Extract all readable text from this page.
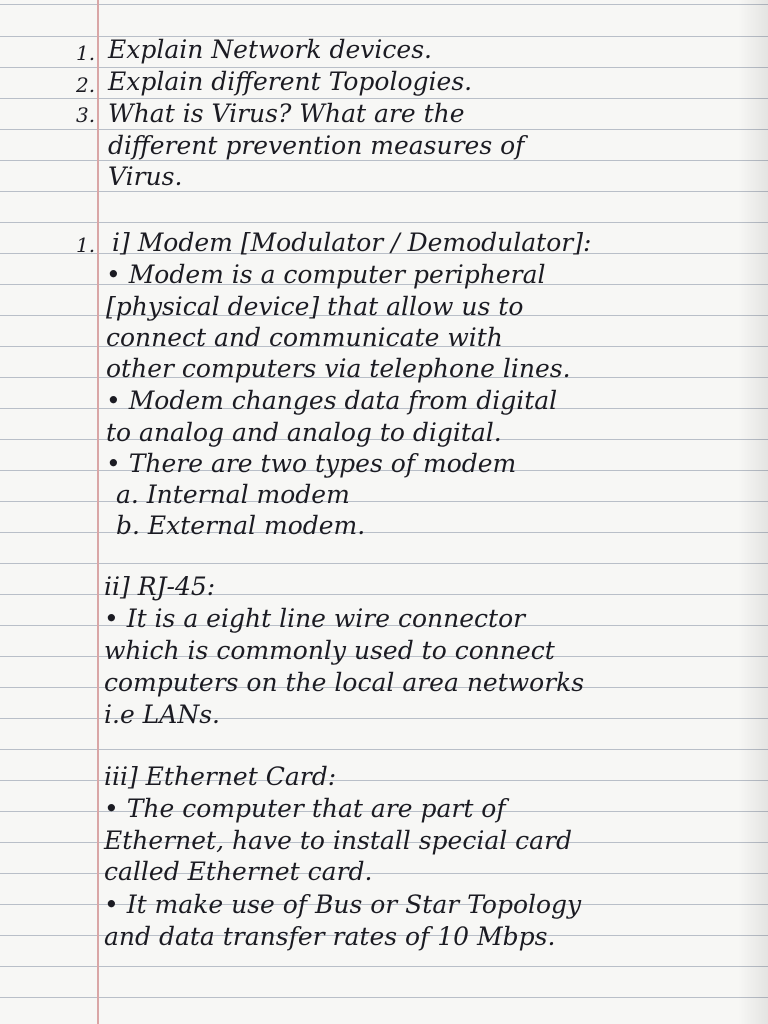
1. Explain Network devices.
2. Explain different Topologies.
3. What is Virus? What are the
different prevention measures of
Virus.
1. i] Modem [Modulator / Demodulator]:
• Modem is a computer peripheral
[physical device] that allow us to
connect and communicate with
other computers via telephone lines.
• Modem changes data from digital
to analog and analog to digital.
• There are two types of modem
a. Internal modem
b. External modem.
ii] RJ-45:
• It is a eight line wire connector
which is commonly used to connect
computers on the local area networks
i.e LANs.
iii] Ethernet Card:
• The computer that are part of
Ethernet, have to install special card
called Ethernet card.
• It make use of Bus or Star Topology
and data transfer rates of 10 Mbps.
